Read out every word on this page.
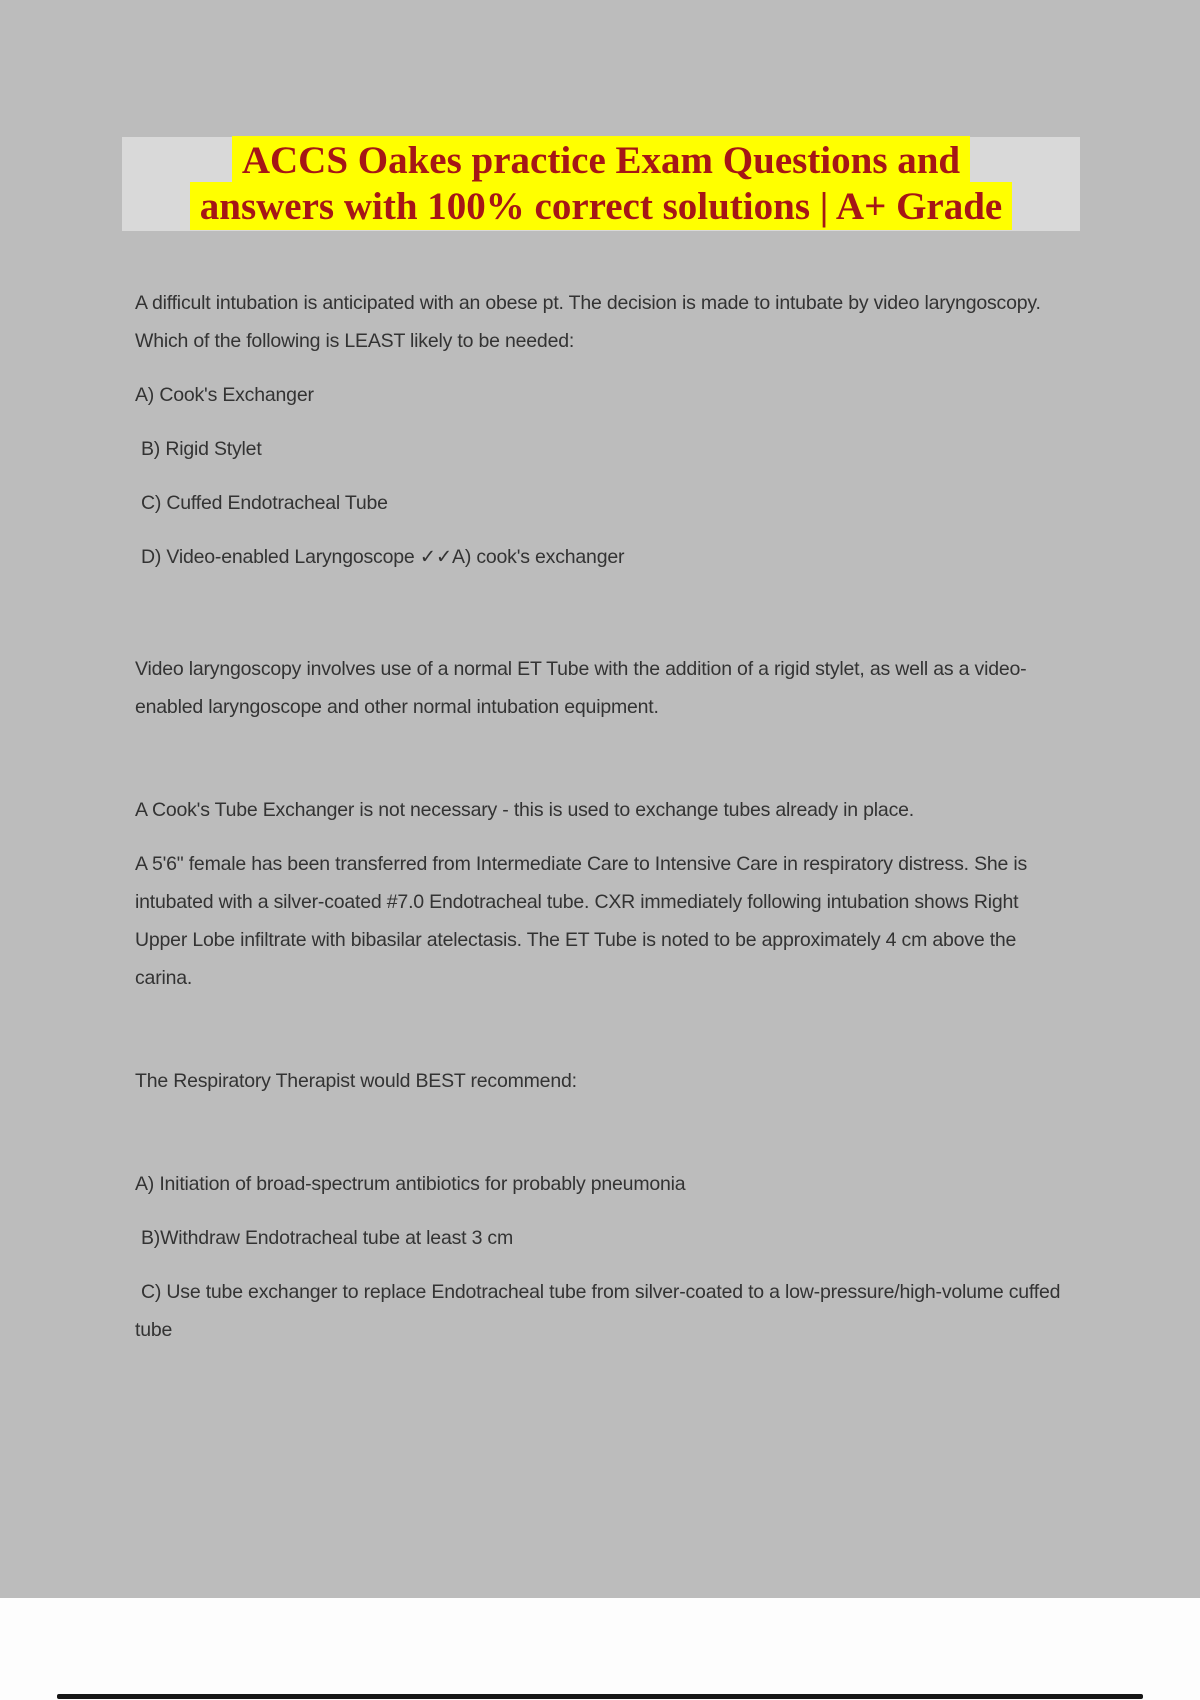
ACCS Oakes practice Exam Questions and
answers with 100% correct solutions | A+ Grade

A difficult intubation is anticipated with an obese pt. The decision is made to intubate by video laryngoscopy. Which of the following is LEAST likely to be needed:

A) Cook's Exchanger

B) Rigid Stylet

C) Cuffed Endotracheal Tube

D) Video-enabled Laryngoscope ✓✓A) cook's exchanger

Video laryngoscopy involves use of a normal ET Tube with the addition of a rigid stylet, as well as a video-enabled laryngoscope and other normal intubation equipment.

A Cook's Tube Exchanger is not necessary - this is used to exchange tubes already in place.

A 5'6" female has been transferred from Intermediate Care to Intensive Care in respiratory distress. She is intubated with a silver-coated #7.0 Endotracheal tube. CXR immediately following intubation shows Right Upper Lobe infiltrate with bibasilar atelectasis. The ET Tube is noted to be approximately 4 cm above the carina.

The Respiratory Therapist would BEST recommend:

A) Initiation of broad-spectrum antibiotics for probably pneumonia

B)Withdraw Endotracheal tube at least 3 cm

C) Use tube exchanger to replace Endotracheal tube from silver-coated to a low-pressure/high-volume cuffed tube
